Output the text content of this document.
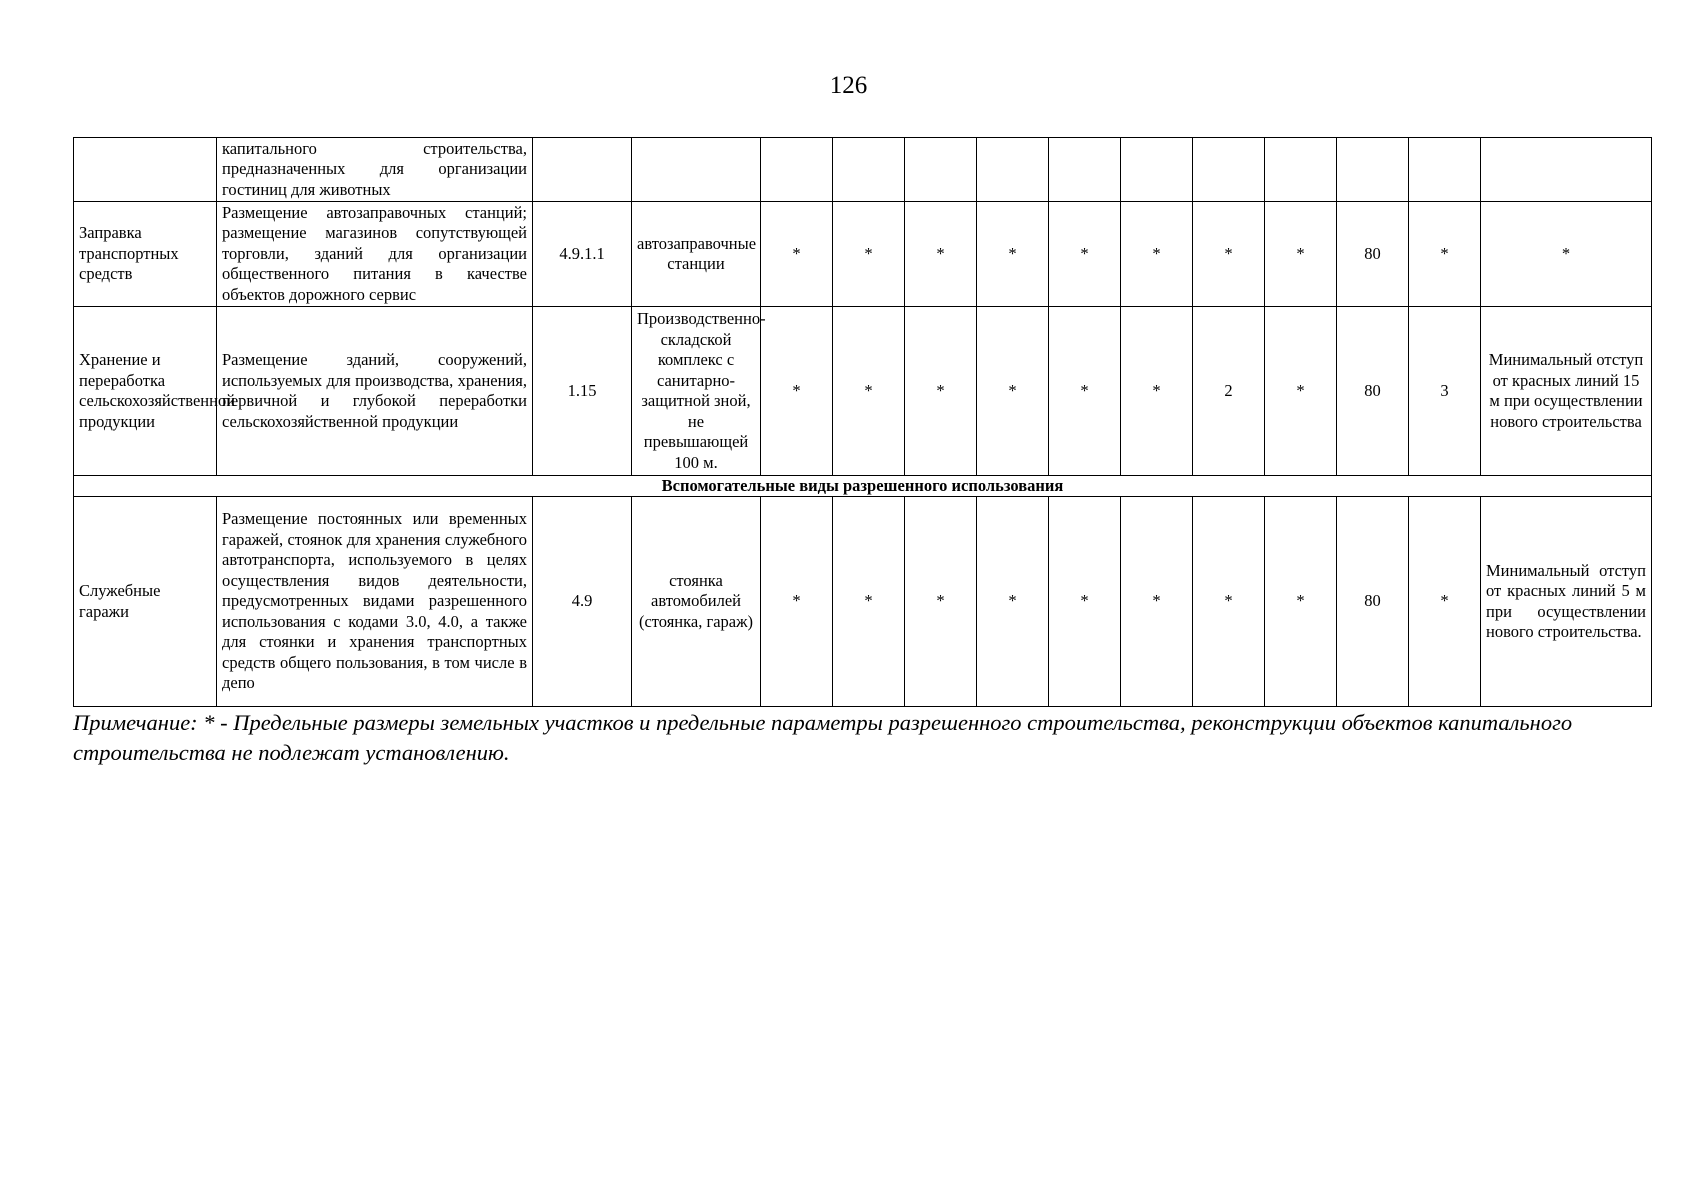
126
	капитального строительства, предназначенных для организации гостиниц для животных													
Заправка транспортных средств	Размещение автозаправочных станций; размещение магазинов сопутствующей торговли, зданий для организации общественного питания в качестве объектов дорожного сервис	4.9.1.1	автозаправочные станции	*	*	*	*	*	*	*	*	80	*	*
Хранение и переработка сельскохозяйственной продукции	Размещение зданий, сооружений, используемых для производства, хранения, первичной и глубокой переработки сельскохозяйственной продукции	1.15	Производственно-складской комплекс с санитарно-защитной зной, не превышающей 100 м.	*	*	*	*	*	*	2	*	80	3	Минимальный отступ от красных линий 15 м при осуществлении нового строительства
Вспомогательные виды разрешенного использования														
Служебные гаражи	Размещение постоянных или временных гаражей, стоянок для хранения служебного автотранспорта, используемого в целях осуществления видов деятельности, предусмотренных видами разрешенного использования с кодами 3.0, 4.0, а также для стоянки и хранения транспортных средств общего пользования, в том числе в депо	4.9	стоянка автомобилей (стоянка, гараж)	*	*	*	*	*	*	*	*	80	*	Минимальный отступ от красных линий 5 м при осуществлении нового строительства.
Примечание: * - Предельные размеры земельных участков и предельные параметры разрешенного строительства, реконструкции объектов капитального строительства не подлежат установлению.
